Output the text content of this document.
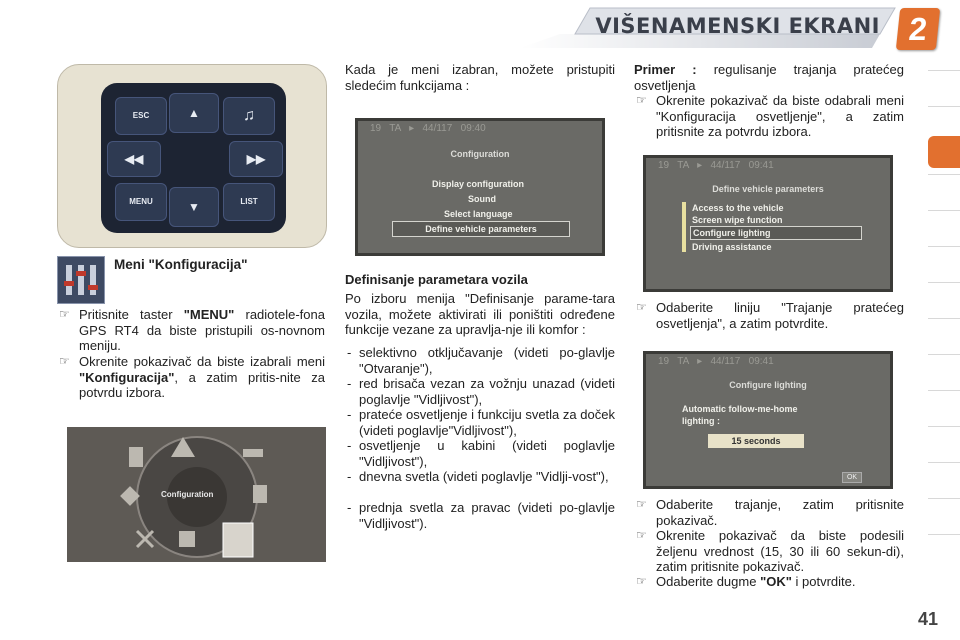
VIŠENAMENSKI EKRANI 2
ESC	▲	♫
◀◀	▶▶
MENU	▼	LIST

Meni "Konfiguracija"

☞ Pritisnite taster "MENU" radiotele-fona GPS RT4 da biste pristupili os-novnom meniju.
☞ Okrenite pokazivač da biste izabrali meni "Konfiguracija", a zatim pritis-nite za potvrdu izbora.
Configuration

Kada je meni izabran, možete pristupiti sledećim funkcijama :

19   TA   ▸   44/117   09:40
Configuration
Display configuration
Sound
Select language
Define vehicle parameters

Definisanje parametara vozila

Po izboru menija "Definisanje parame-tara vozila, možete aktivirati ili poništiti određene funkcije vezane za upravlja-nje ili komfor :

- selektivno otključavanje (videti po-glavlje "Otvaranje"),
- red brisača vezan za vožnju unazad (videti poglavlje "Vidljivost"),
- prateće osvetljenje i funkciju svetla za doček (videti poglavlje"Vidljivost"),
- osvetljenje u kabini (videti poglavlje "Vidljivost"),
- dnevna svetla (videti poglavlje "Vidlji-vost"),
- prednja svetla za pravac (videti po-glavlje "Vidljivost").

Primer : regulisanje trajanja pratećeg osvetljenja

☞ Okrenite pokazivač da biste odabrali meni "Konfiguracija osvetljenje", a zatim pritisnite za potvrdu izbora.
19   TA   ▸   44/117   09:41
Define vehicle parameters
Access to the vehicle
Screen wipe function
Configure lighting
Driving assistance
☞ Odaberite liniju "Trajanje pratećeg osvetljenja", a zatim potvrdite.
19   TA   ▸   44/117   09:41
Configure lighting
Automatic follow-me-home
lighting :
15 seconds
OK
☞ Odaberite trajanje, zatim pritisnite pokazivač.
☞ Okrenite pokazivač da biste podesili željenu vrednost (15, 30 ili 60 sekun-di), zatim pritisnite pokazivač.
☞ Odaberite dugme "OK" i potvrdite.
41
